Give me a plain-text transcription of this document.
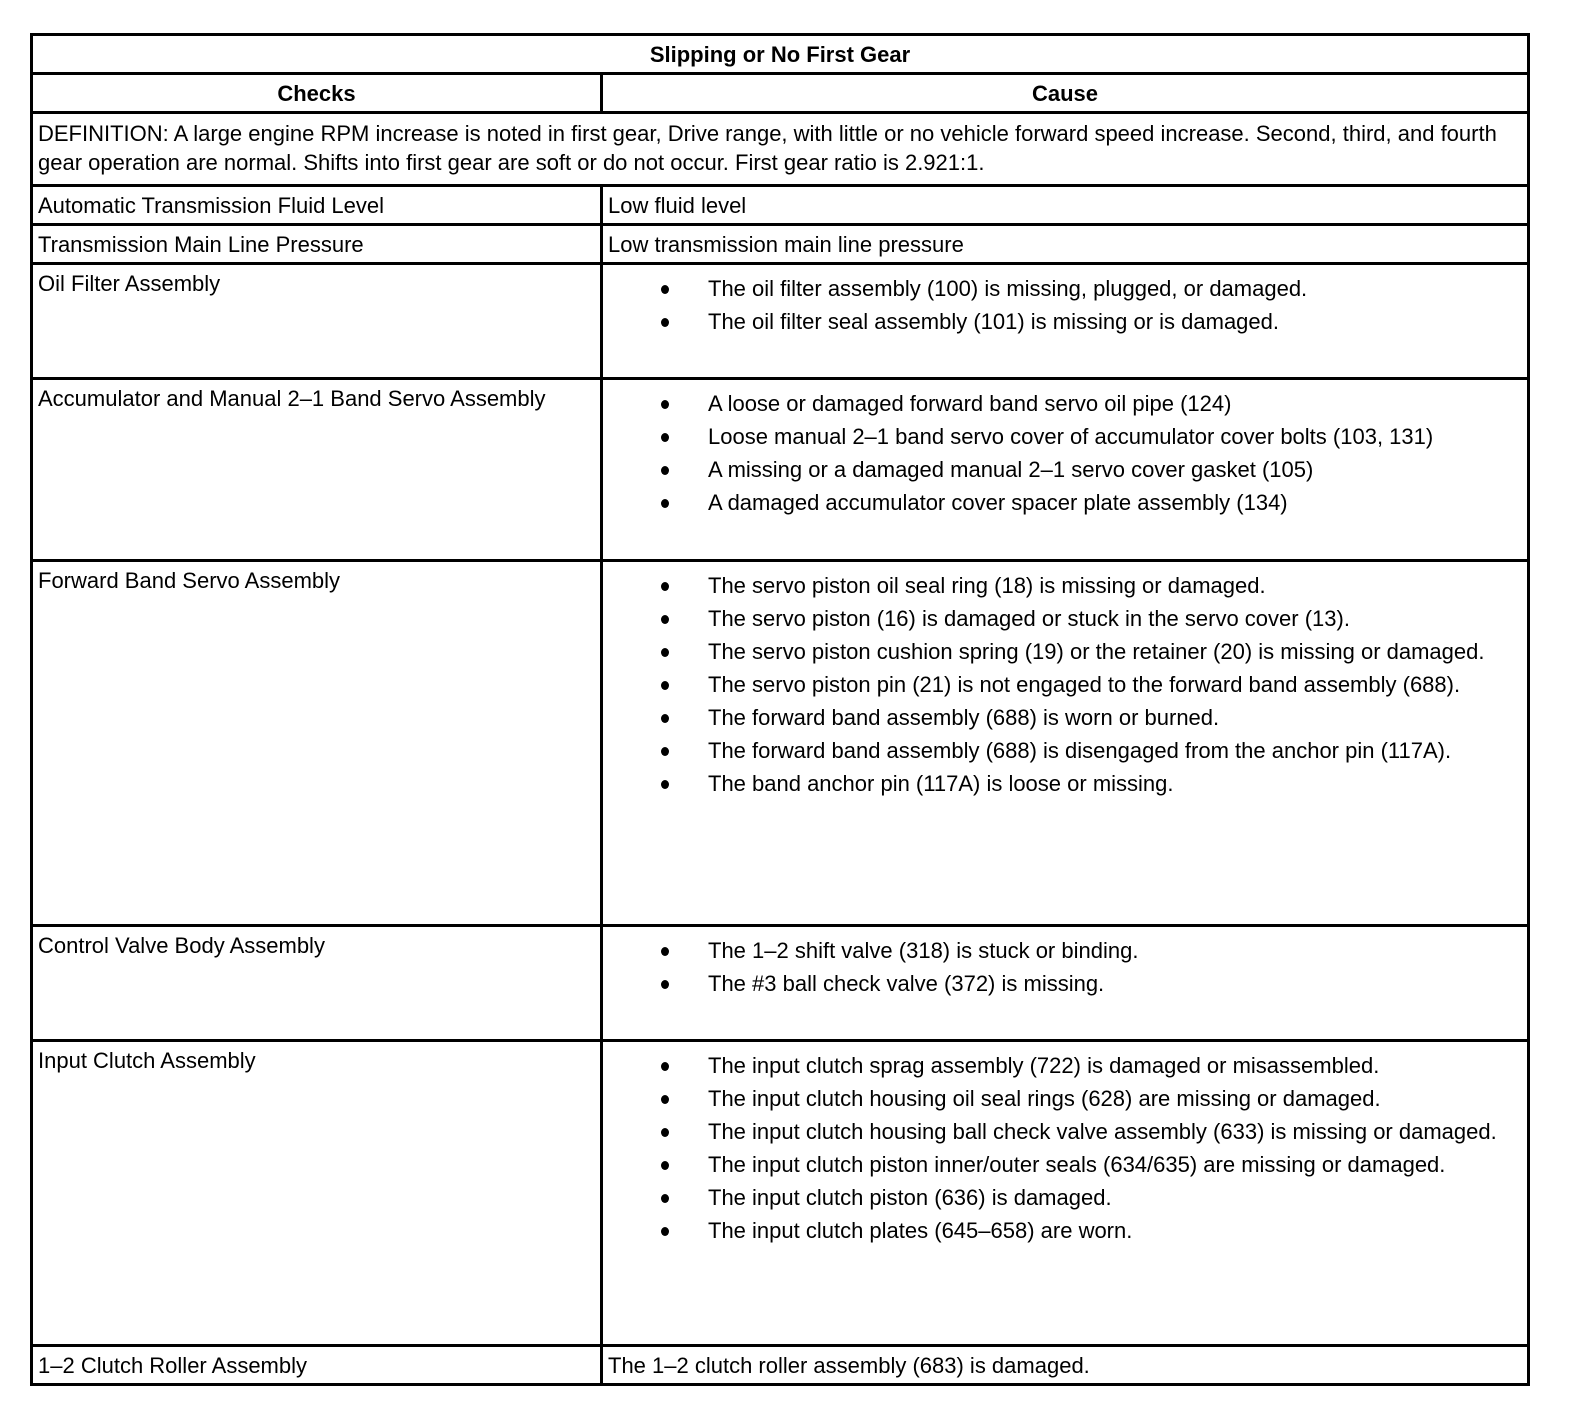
Slipping or No First Gear	
Checks	Cause
DEFINITION: A large engine RPM increase is noted in first gear, Drive range, with little or no vehicle forward speed increase. Second, third, and fourth gear operation are normal. Shifts into first gear are soft or do not occur. First gear ratio is 2.921:1.	
Automatic Transmission Fluid Level	Low fluid level
Transmission Main Line Pressure	Low transmission main line pressure
Oil Filter Assembly	The oil filter assembly (100) is missing, plugged, or damaged.
The oil filter seal assembly (101) is missing or is damaged.

Accumulator and Manual 2–1 Band Servo Assembly	A loose or damaged forward band servo oil pipe (124)
Loose manual 2–1 band servo cover of accumulator cover bolts (103, 131)
A missing or a damaged manual 2–1 servo cover gasket (105)
A damaged accumulator cover spacer plate assembly (134)

Forward Band Servo Assembly	The servo piston oil seal ring (18) is missing or damaged.
The servo piston (16) is damaged or stuck in the servo cover (13).
The servo piston cushion spring (19) or the retainer (20) is missing or damaged.
The servo piston pin (21) is not engaged to the forward band assembly (688).
The forward band assembly (688) is worn or burned.
The forward band assembly (688) is disengaged from the anchor pin (117A).
The band anchor pin (117A) is loose or missing.

Control Valve Body Assembly	The 1–2 shift valve (318) is stuck or binding.
The #3 ball check valve (372) is missing.

Input Clutch Assembly	The input clutch sprag assembly (722) is damaged or misassembled.
The input clutch housing oil seal rings (628) are missing or damaged.
The input clutch housing ball check valve assembly (633) is missing or damaged.
The input clutch piston inner/outer seals (634/635) are missing or damaged.
The input clutch piston (636) is damaged.
The input clutch plates (645–658) are worn.

1–2 Clutch Roller Assembly	The 1–2 clutch roller assembly (683) is damaged.
